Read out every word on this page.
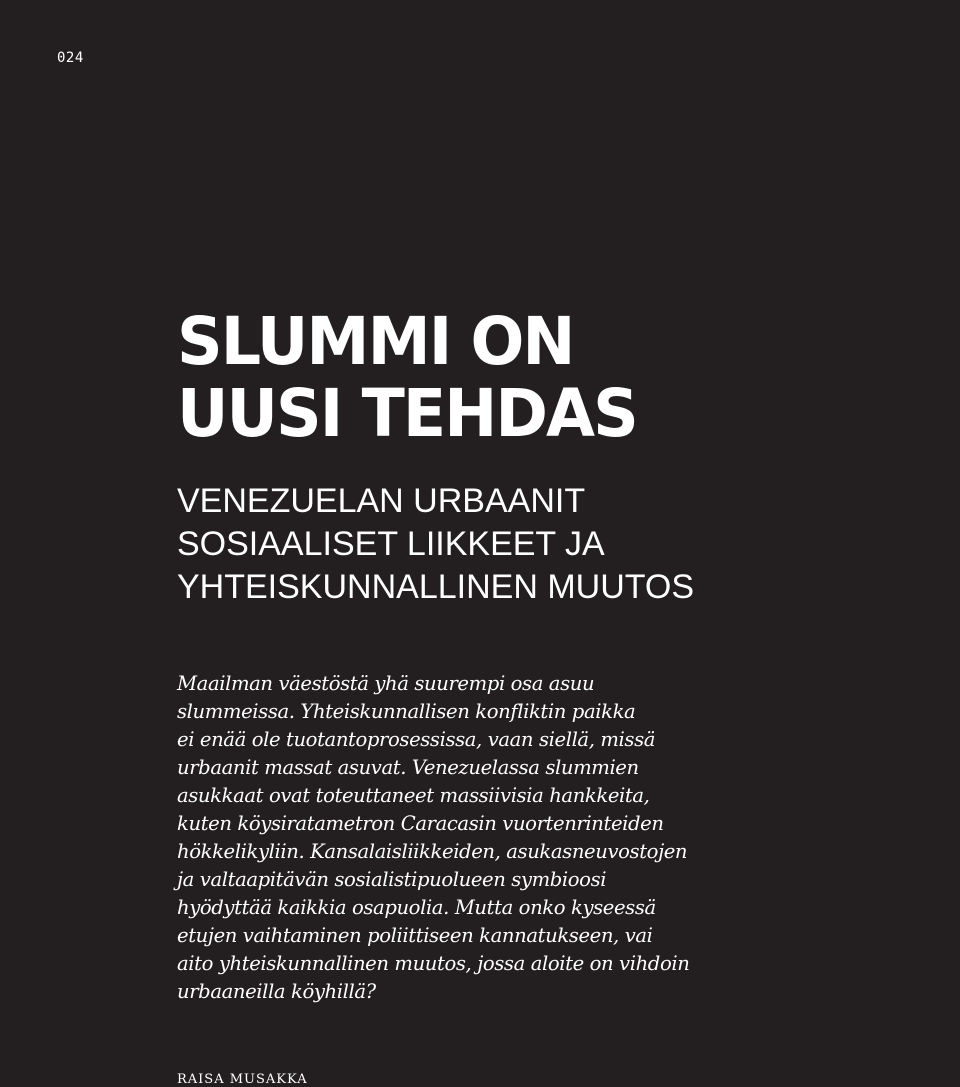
024
SLUMMI ON
UUSI TEHDAS
VENEZUELAN URBAANIT
SOSIAALISET LIIKKEET JA
YHTEISKUNNALLINEN MUUTOS

Maailman väestöstä yhä suurempi osa asuu
slummeissa. Yhteiskunnallisen konfliktin paikka
ei enää ole tuotantoprosessissa, vaan siellä, missä
urbaanit massat asuvat. Venezuelassa slummien
asukkaat ovat toteuttaneet massiivisia hankkeita,
kuten köysiratametron Caracasin vuortenrinteiden
hökkelikyliin. Kansalaisliikkeiden, asukasneuvostojen
ja valtaapitävän sosialistipuolueen symbioosi
hyödyttää kaikkia osapuolia. Mutta onko kyseessä
etujen vaihtaminen poliittiseen kannatukseen, vai
aito yhteiskunnallinen muutos, jossa aloite on vihdoin
urbaaneilla köyhillä?

RAISA MUSAKKA
